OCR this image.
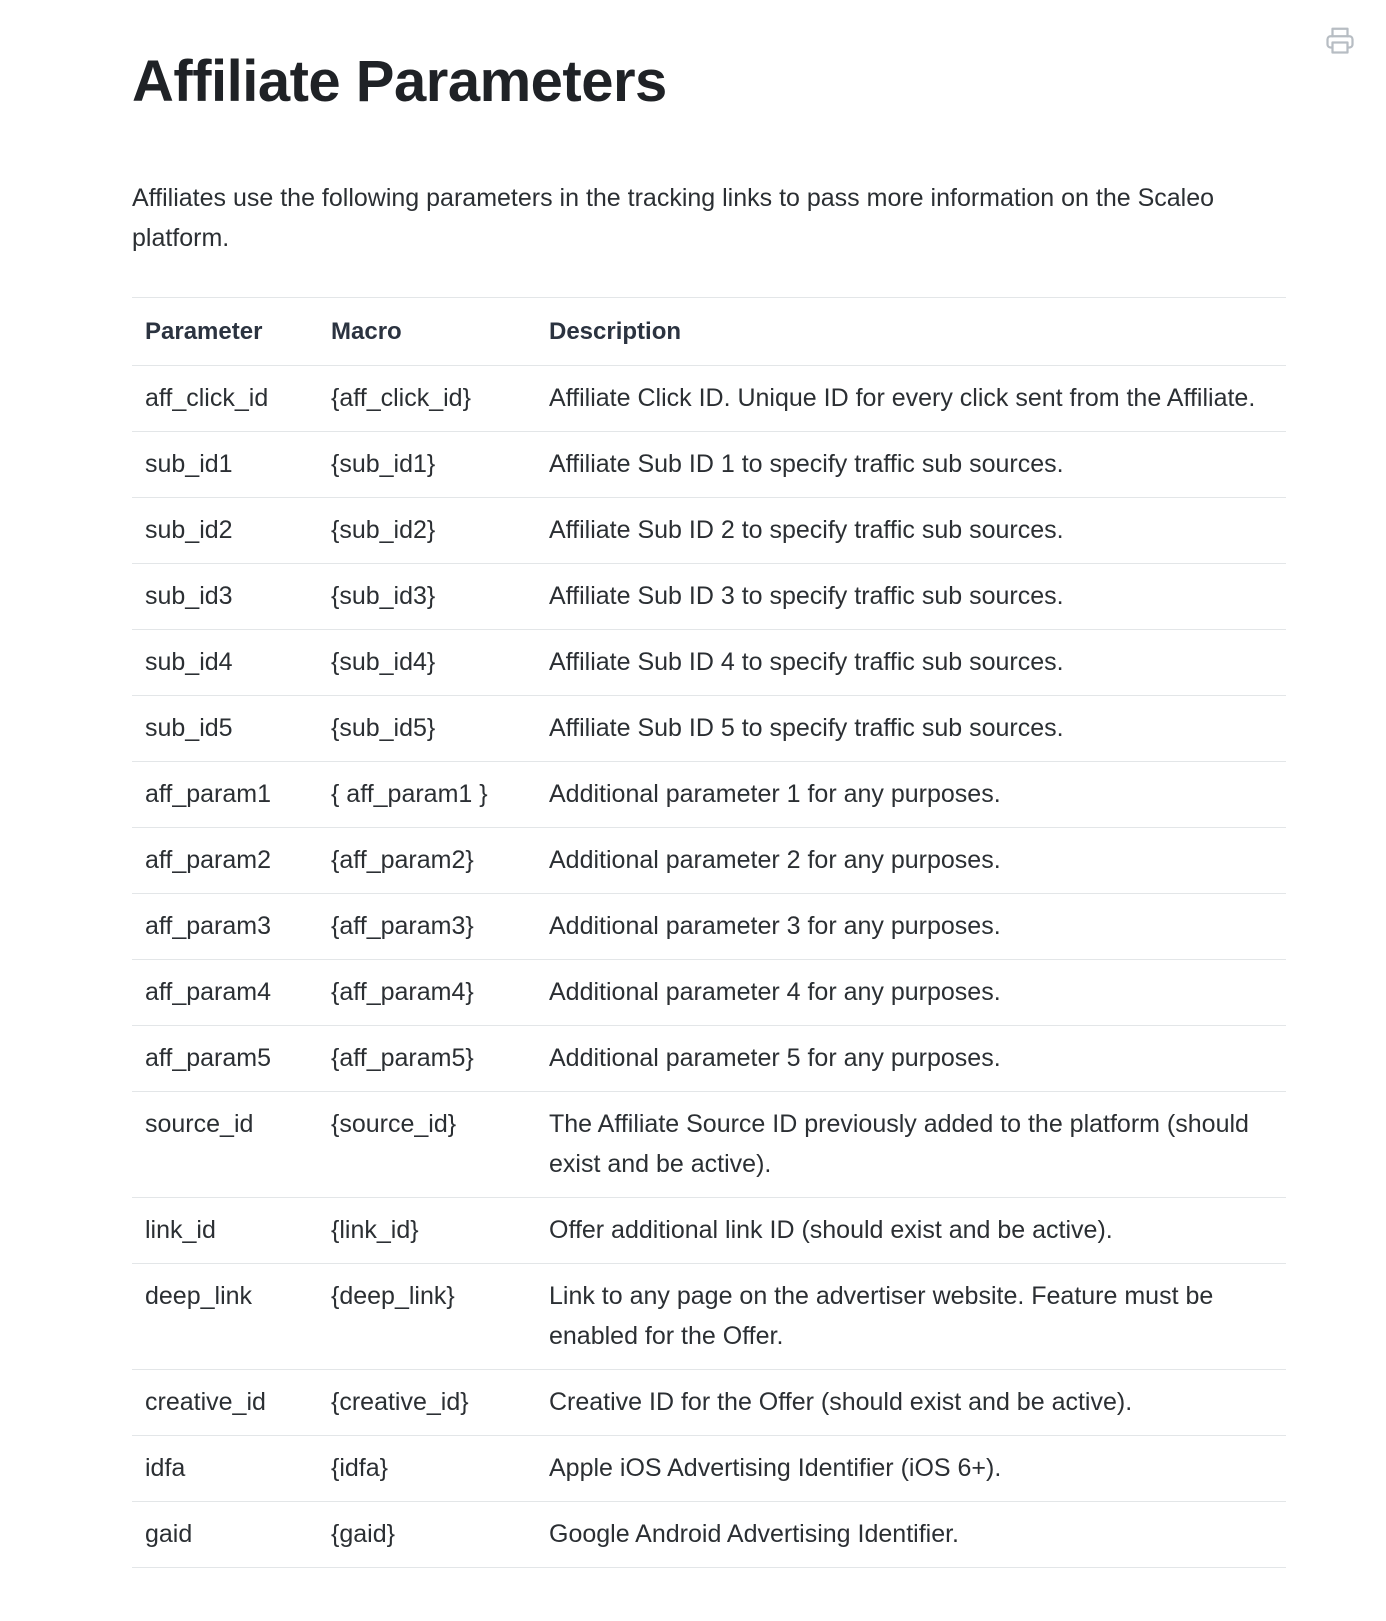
Affiliate Parameters

Affiliates use the following parameters in the tracking links to pass more information on the Scaleo platform.

Parameter	Macro	Description
aff_click_id	{aff_click_id}	Affiliate Click ID. Unique ID for every click sent from the Affiliate.
sub_id1	{sub_id1}	Affiliate Sub ID 1 to specify traffic sub sources.
sub_id2	{sub_id2}	Affiliate Sub ID 2 to specify traffic sub sources.
sub_id3	{sub_id3}	Affiliate Sub ID 3 to specify traffic sub sources.
sub_id4	{sub_id4}	Affiliate Sub ID 4 to specify traffic sub sources.
sub_id5	{sub_id5}	Affiliate Sub ID 5 to specify traffic sub sources.
aff_param1	{ aff_param1 }	Additional parameter 1 for any purposes.
aff_param2	{aff_param2}	Additional parameter 2 for any purposes.
aff_param3	{aff_param3}	Additional parameter 3 for any purposes.
aff_param4	{aff_param4}	Additional parameter 4 for any purposes.
aff_param5	{aff_param5}	Additional parameter 5 for any purposes.
source_id	{source_id}	The Affiliate Source ID previously added to the platform (should exist and be active).
link_id	{link_id}	Offer additional link ID (should exist and be active).
deep_link	{deep_link}	Link to any page on the advertiser website. Feature must be enabled for the Offer.
creative_id	{creative_id}	Creative ID for the Offer (should exist and be active).
idfa	{idfa}	Apple iOS Advertising Identifier (iOS 6+).
gaid	{gaid}	Google Android Advertising Identifier.
